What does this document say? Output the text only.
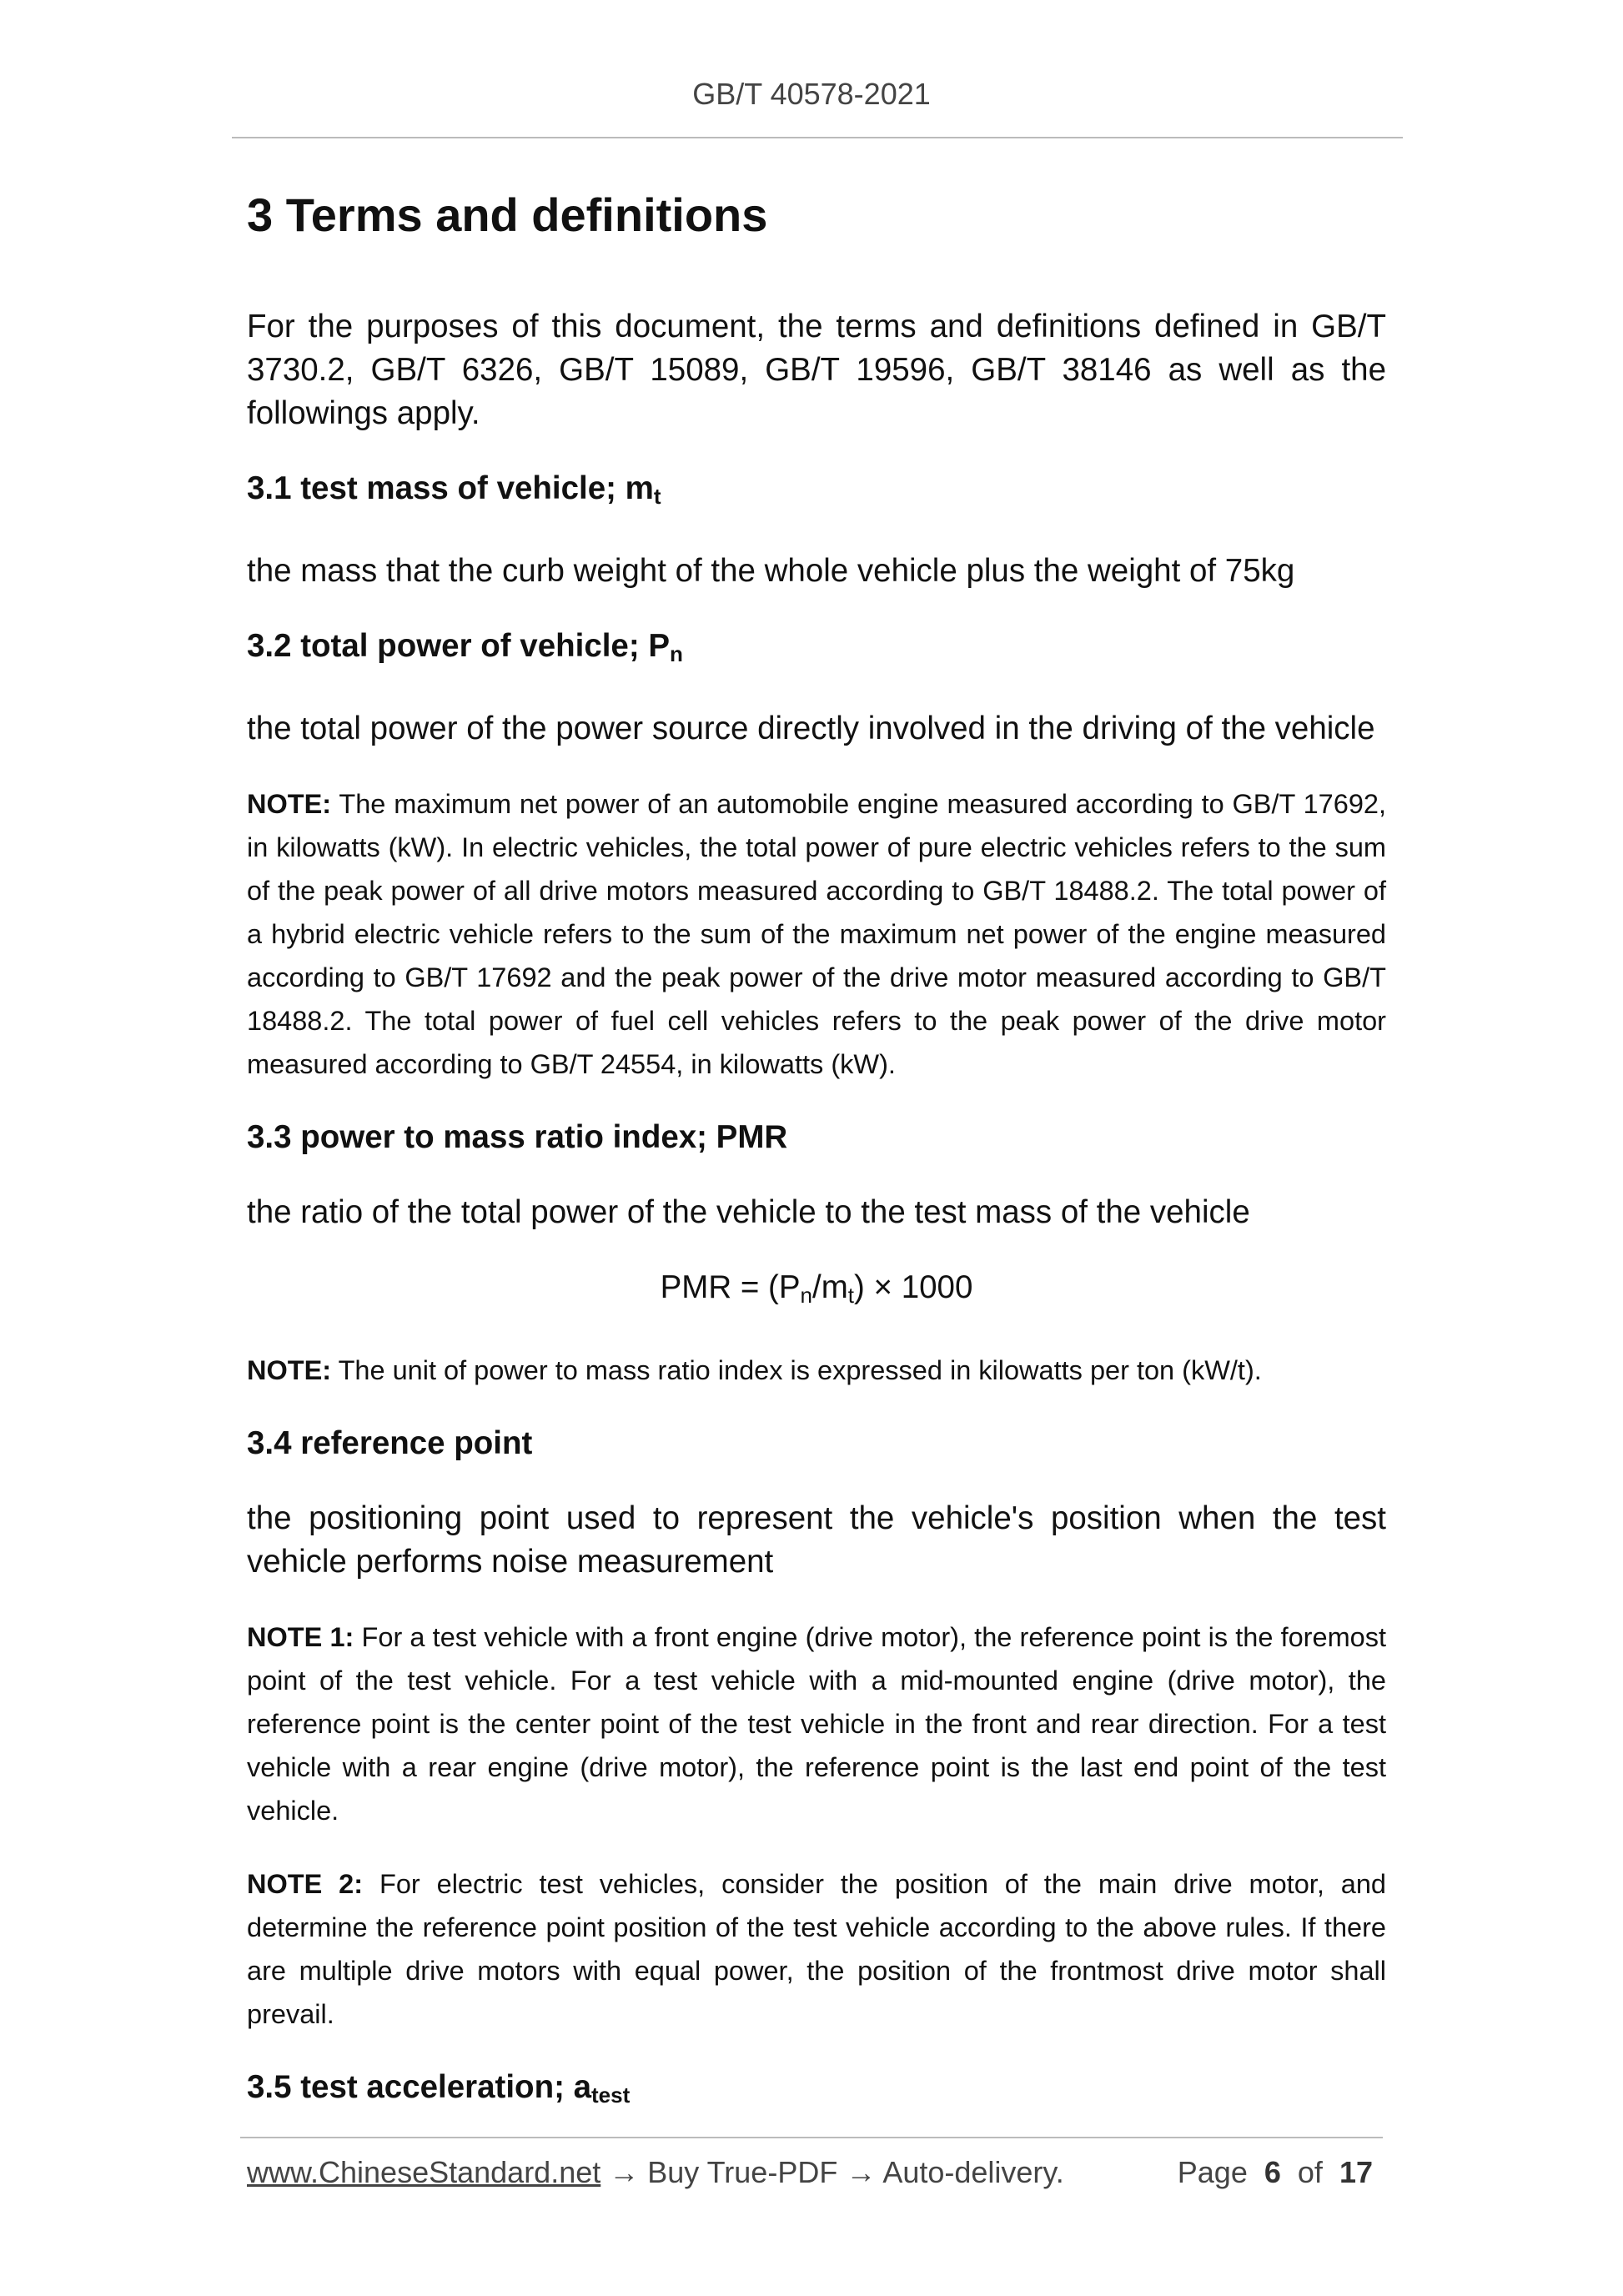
GB/T 40578-2021
3 Terms and definitions

For the purposes of this document, the terms and definitions defined in GB/T 3730.2, GB/T 6326, GB/T 15089, GB/T 19596, GB/T 38146 as well as the followings apply.

3.1 test mass of vehicle; $m_t$

the mass that the curb weight of the whole vehicle plus the weight of 75kg

3.2 total power of vehicle; $P_n$

the total power of the power source directly involved in the driving of the vehicle

NOTE: The maximum net power of an automobile engine measured according to GB/T 17692, in kilowatts (kW). In electric vehicles, the total power of pure electric vehicles refers to the sum of the peak power of all drive motors measured according to GB/T 18488.2. The total power of a hybrid electric vehicle refers to the sum of the maximum net power of the engine measured according to GB/T 17692 and the peak power of the drive motor measured according to GB/T 18488.2. The total power of fuel cell vehicles refers to the peak power of the drive motor measured according to GB/T 24554, in kilowatts (kW).

3.3 power to mass ratio index; PMR

the ratio of the total power of the vehicle to the test mass of the vehicle

PMR = $(P_n/m_t) \times 1000$

NOTE: The unit of power to mass ratio index is expressed in kilowatts per ton (kW/t).

3.4 reference point

the positioning point used to represent the vehicle's position when the test vehicle performs noise measurement

NOTE 1: For a test vehicle with a front engine (drive motor), the reference point is the foremost point of the test vehicle. For a test vehicle with a mid-mounted engine (drive motor), the reference point is the center point of the test vehicle in the front and rear direction. For a test vehicle with a rear engine (drive motor), the reference point is the last end point of the test vehicle.

NOTE 2: For electric test vehicles, consider the position of the main drive motor, and determine the reference point position of the test vehicle according to the above rules. If there are multiple drive motors with equal power, the position of the frontmost drive motor shall prevail.

3.5 test acceleration; $a_{test}$
www.ChineseStandard.net → Buy True-PDF → Auto-delivery.	Page 6 of 17
